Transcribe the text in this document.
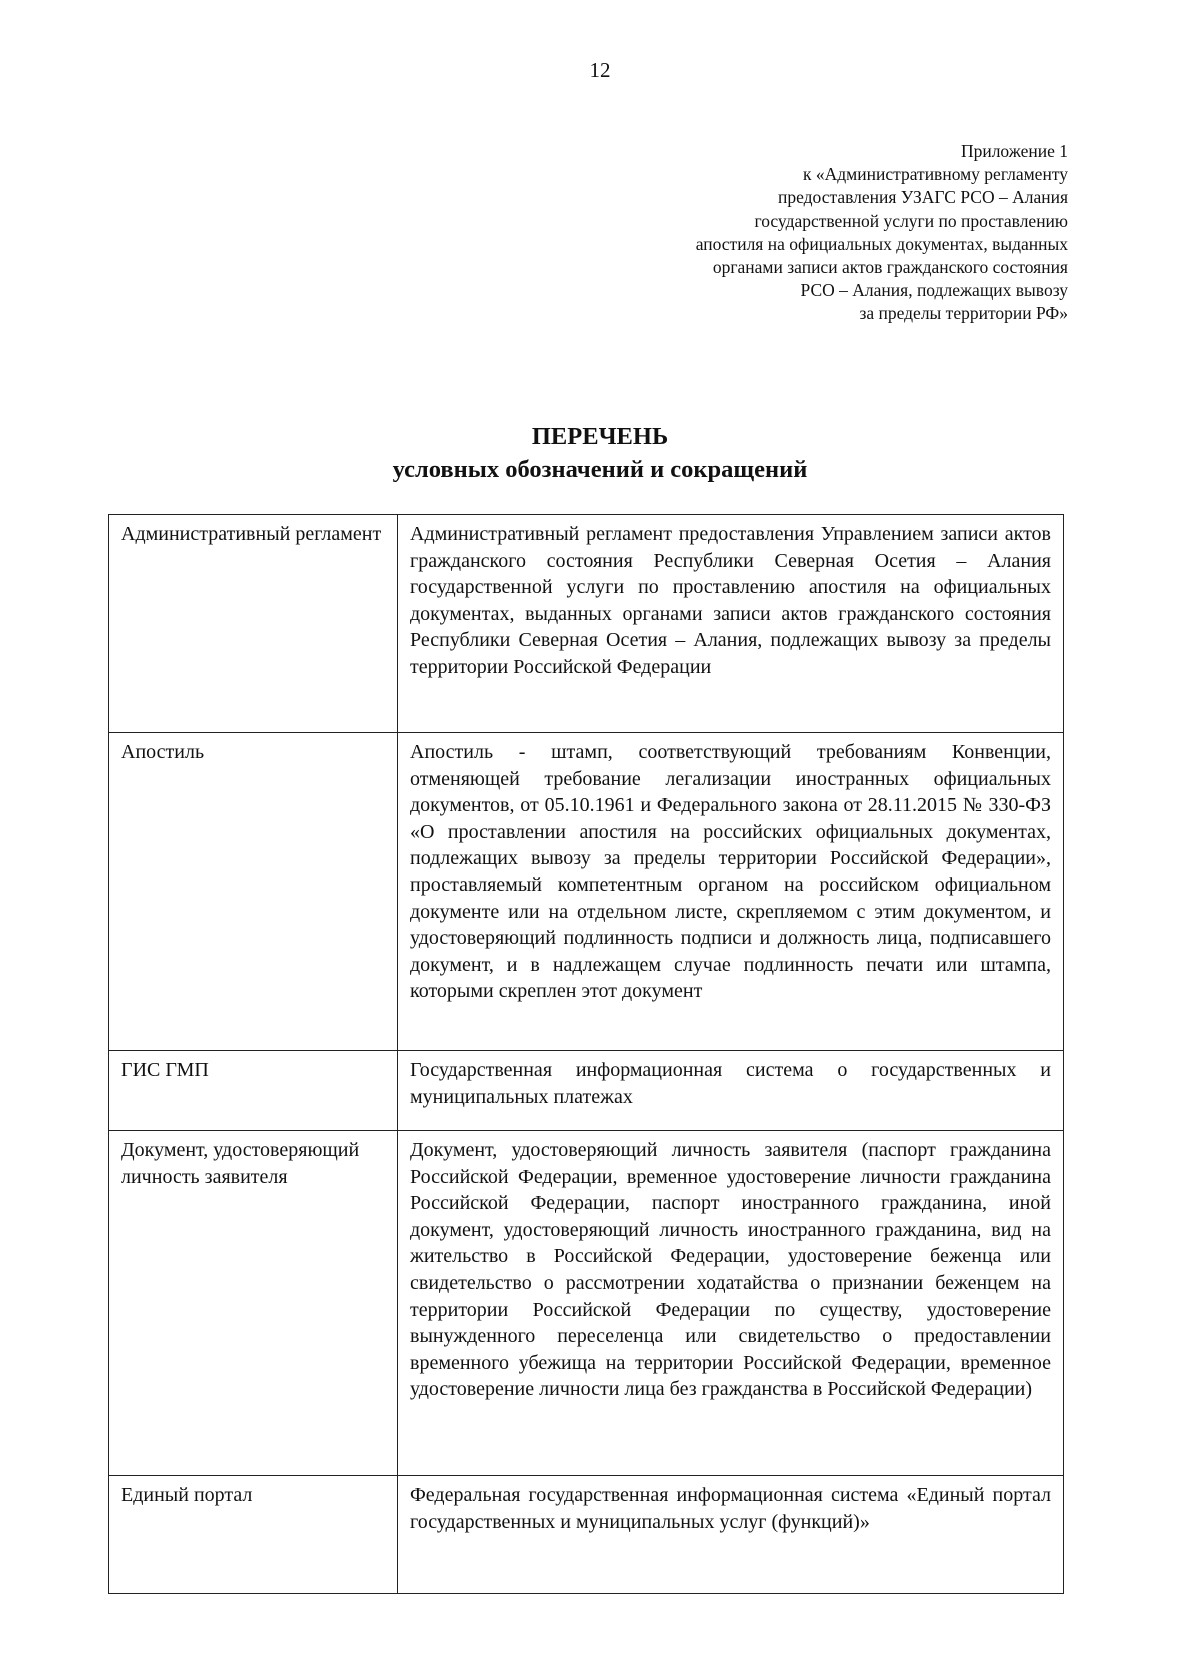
12
Приложение 1
к «Административному регламенту
предоставления УЗАГС РСО – Алания
государственной услуги по проставлению
апостиля на официальных документах, выданных
органами записи актов гражданского состояния
РСО – Алания, подлежащих вывозу
за пределы территории РФ»
ПЕРЕЧЕНЬ
условных обозначений и сокращений

Административный регламент	Административный регламент предоставления Управлением записи актов гражданского состояния Республики Северная Осетия – Алания государственной услуги по проставлению апостиля на официальных документах, выданных органами записи актов гражданского состояния Республики Северная Осетия – Алания, подлежащих вывозу за пределы территории Российской Федерации

Апостиль	Апостиль - штамп, соответствующий требованиям Конвенции, отменяющей требование легализации иностранных официальных документов, от 05.10.1961 и Федерального закона от 28.11.2015 № 330-ФЗ «О проставлении апостиля на российских официальных документах, подлежащих вывозу за пределы территории Российской Федерации», проставляемый компетентным органом на российском официальном документе или на отдельном листе, скрепляемом с этим документом, и удостоверяющий подлинность подписи и должность лица, подписавшего документ, и в надлежащем случае подлинность печати или штампа, которыми скреплен этот документ

ГИС ГМП	Государственная информационная система о государственных и муниципальных платежах

Документ, удостоверяющий личность заявителя	Документ, удостоверяющий личность заявителя (паспорт гражданина Российской Федерации, временное удостоверение личности гражданина Российской Федерации, паспорт иностранного гражданина, иной документ, удостоверяющий личность иностранного гражданина, вид на жительство в Российской Федерации, удостоверение беженца или свидетельство о рассмотрении ходатайства о признании беженцем на территории Российской Федерации по существу, удостоверение вынужденного переселенца или свидетельство о предоставлении временного убежища на территории Российской Федерации, временное удостоверение личности лица без гражданства в Российской Федерации)

Единый портал	Федеральная государственная информационная система «Единый портал государственных и муниципальных услуг (функций)»
